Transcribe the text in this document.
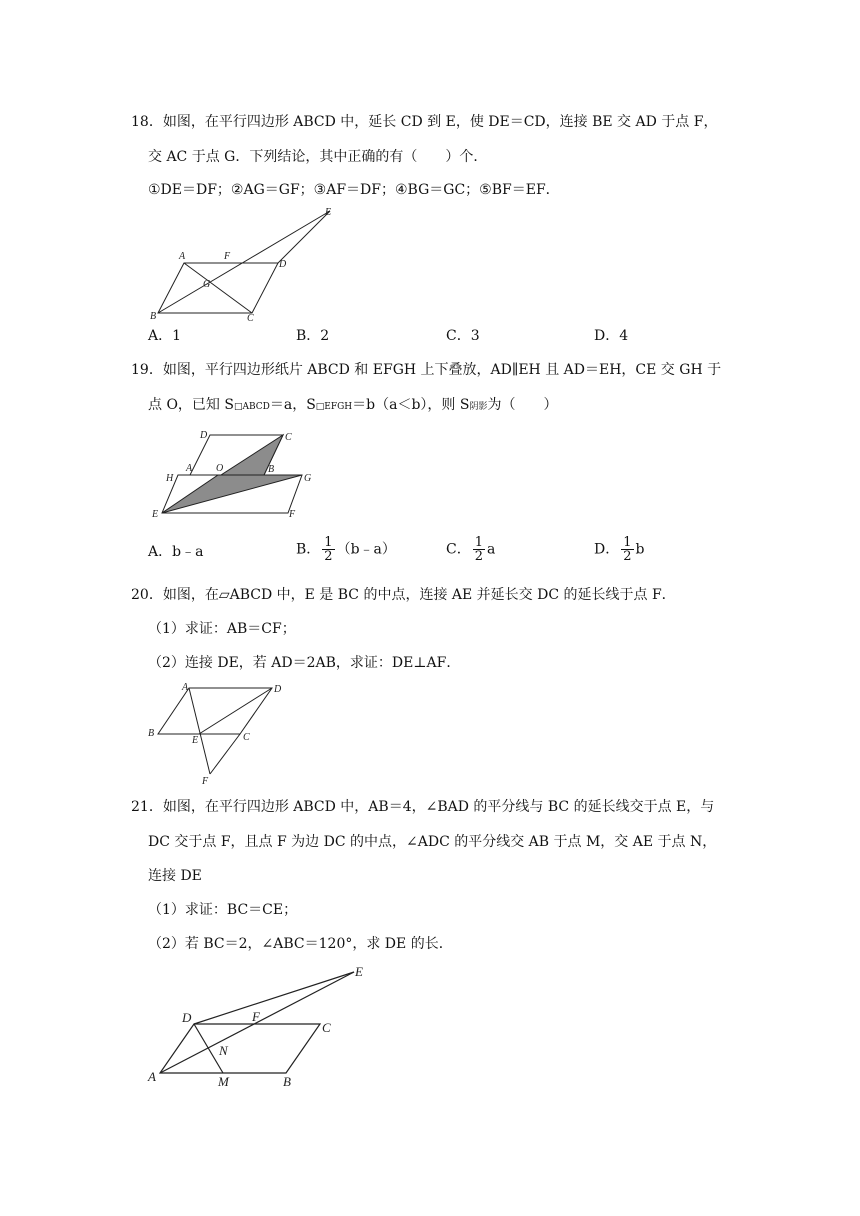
18．如图，在平行四边形 ABCD 中，延长 CD 到 E，使 DE＝CD，连接 BE 交 AD 于点 F，
交 AC 于点 G．下列结论，其中正确的有（　　）个．
①DE＝DF；②AG＝GF；③AF＝DF；④BG＝GC；⑤BF＝EF．
A	F
D
E
B	C
G
A．1	B．2	C．3	D．4
19．如图，平行四边形纸片 ABCD 和 EFGH 上下叠放，AD∥EH 且 AD＝EH，CE 交 GH 于
点 O，已知 S□ABCD＝a，S□EFGH＝b（a＜b），则 S阴影为（　　）
D	C
H
A O	B
G
E	F
A．b﹣a	B． $\frac{1}{2}$ （b﹣a）	C． $\frac{1}{2}$ a	D． $\frac{1}{2}$ b
20．如图，在▱ABCD 中，E 是 BC 的中点，连接 AE 并延长交 DC 的延长线于点 F．
（1）求证：AB＝CF；
（2）连接 DE，若 AD＝2AB，求证：DE⊥AF．
A	D
B
E	C
F
21．如图，在平行四边形 ABCD 中，AB＝4，∠BAD 的平分线与 BC 的延长线交于点 E，与
DC 交于点 F，且点 F 为边 DC 的中点，∠ADC 的平分线交 AB 于点 M，交 AE 于点 N，
连接 DE
（1）求证：BC＝CE；
（2）若 BC＝2，∠ABC＝120°，求 DE 的长．
D	F
C
E
N
A	M	B
